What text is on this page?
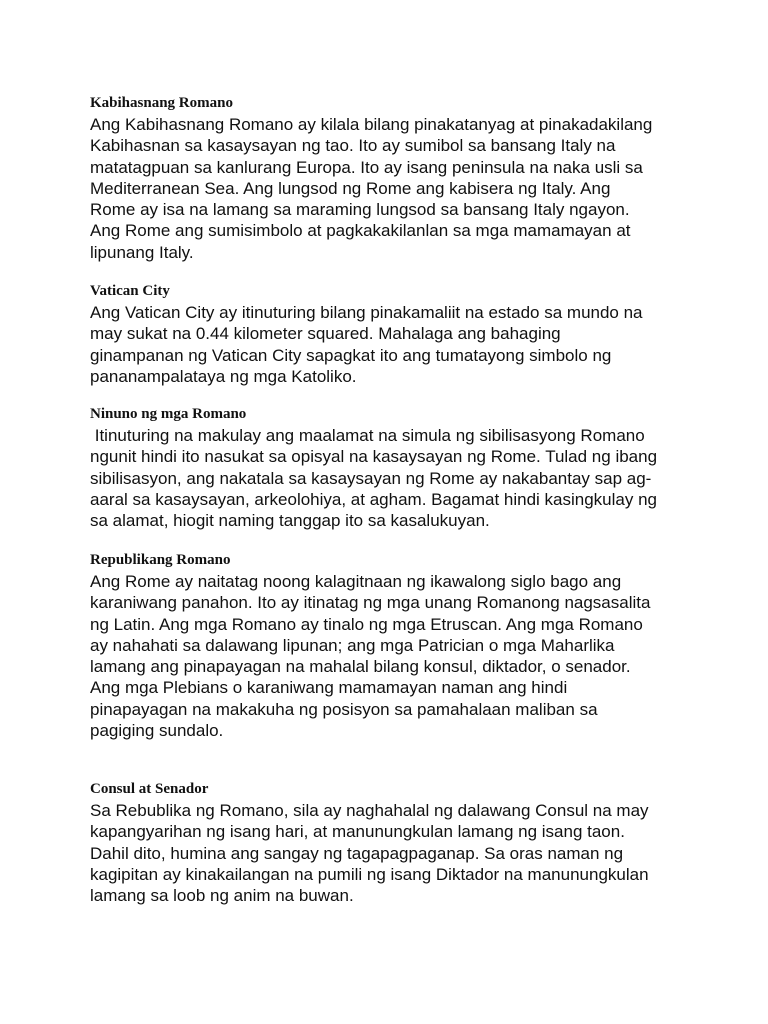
Kabihasnang Romano
Ang Kabihasnang Romano ay kilala bilang pinakatanyag at pinakadakilang
Kabihasnan sa kasaysayan ng tao. Ito ay sumibol sa bansang Italy na
matatagpuan sa kanlurang Europa. Ito ay isang peninsula na naka usli sa
Mediterranean Sea. Ang lungsod ng Rome ang kabisera ng Italy. Ang
Rome ay isa na lamang sa maraming lungsod sa bansang Italy ngayon.
Ang Rome ang sumisimbolo at pagkakakilanlan sa mga mamamayan at
lipunang Italy.
Vatican City
Ang Vatican City ay itinuturing bilang pinakamaliit na estado sa mundo na
may sukat na 0.44 kilometer squared. Mahalaga ang bahaging
ginampanan ng Vatican City sapagkat ito ang tumatayong simbolo ng
pananampalataya ng mga Katoliko.
Ninuno ng mga Romano
Itinuturing na makulay ang maalamat na simula ng sibilisasyong Romano
ngunit hindi ito nasukat sa opisyal na kasaysayan ng Rome. Tulad ng ibang
sibilisasyon, ang nakatala sa kasaysayan ng Rome ay nakabantay sap ag-
aaral sa kasaysayan, arkeolohiya, at agham. Bagamat hindi kasingkulay ng
sa alamat, hiogit naming tanggap ito sa kasalukuyan.
Republikang Romano
Ang Rome ay naitatag noong kalagitnaan ng ikawalong siglo bago ang
karaniwang panahon. Ito ay itinatag ng mga unang Romanong nagsasalita
ng Latin. Ang mga Romano ay tinalo ng mga Etruscan. Ang mga Romano
ay nahahati sa dalawang lipunan; ang mga Patrician o mga Maharlika
lamang ang pinapayagan na mahalal bilang konsul, diktador, o senador.
Ang mga Plebians o karaniwang mamamayan naman ang hindi
pinapayagan na makakuha ng posisyon sa pamahalaan maliban sa
pagiging sundalo.
Consul at Senador
Sa Rebublika ng Romano, sila ay naghahalal ng dalawang Consul na may
kapangyarihan ng isang hari, at manunungkulan lamang ng isang taon.
Dahil dito, humina ang sangay ng tagapagpaganap. Sa oras naman ng
kagipitan ay kinakailangan na pumili ng isang Diktador na manunungkulan
lamang sa loob ng anim na buwan.
